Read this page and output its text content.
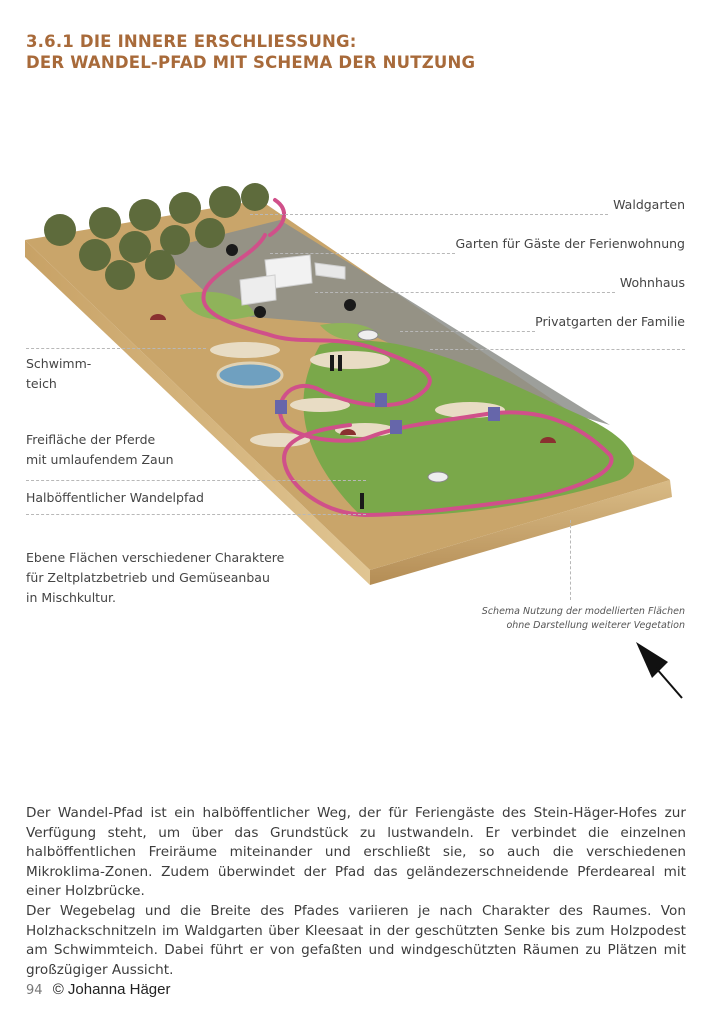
3.6.1 DIE INNERE ERSCHLIESSUNG:
DER WANDEL-PFAD MIT SCHEMA DER NUTZUNG
Waldgarten
Garten für Gäste der Ferienwohnung
Wohnhaus
Privatgarten der Familie
Schwimm-
teich
Freifläche der Pferde
mit umlaufendem Zaun
Halböffentlicher Wandelpfad
Ebene Flächen verschiedener Charaktere
für Zeltplatzbetrieb und Gemüseanbau
in Mischkultur.
Schema Nutzung der modellierten Flächen
ohne Darstellung weiterer Vegetation

Der Wandel-Pfad ist ein halböffentlicher Weg, der für Feriengäste des Stein-Häger-Hofes zur Verfügung steht, um über das Grundstück zu lustwandeln. Er verbindet die einzelnen halböffentlichen Freiräume miteinander und erschließt sie, so auch die verschiedenen Mikroklima-Zonen. Zudem überwindet der Pfad das geländezerschneidende Pferdeareal mit einer Holzbrücke.

Der Wegebelag und die Breite des Pfades variieren je nach Charakter des Raumes. Von Holzhackschnitzeln im Waldgarten über Kleesaat in der geschützten Senke bis zum Holzpodest am Schwimmteich. Dabei führt er von gefaßten und windgeschützten Räumen zu Plätzen mit großzügiger Aussicht.

94 © Johanna Häger
